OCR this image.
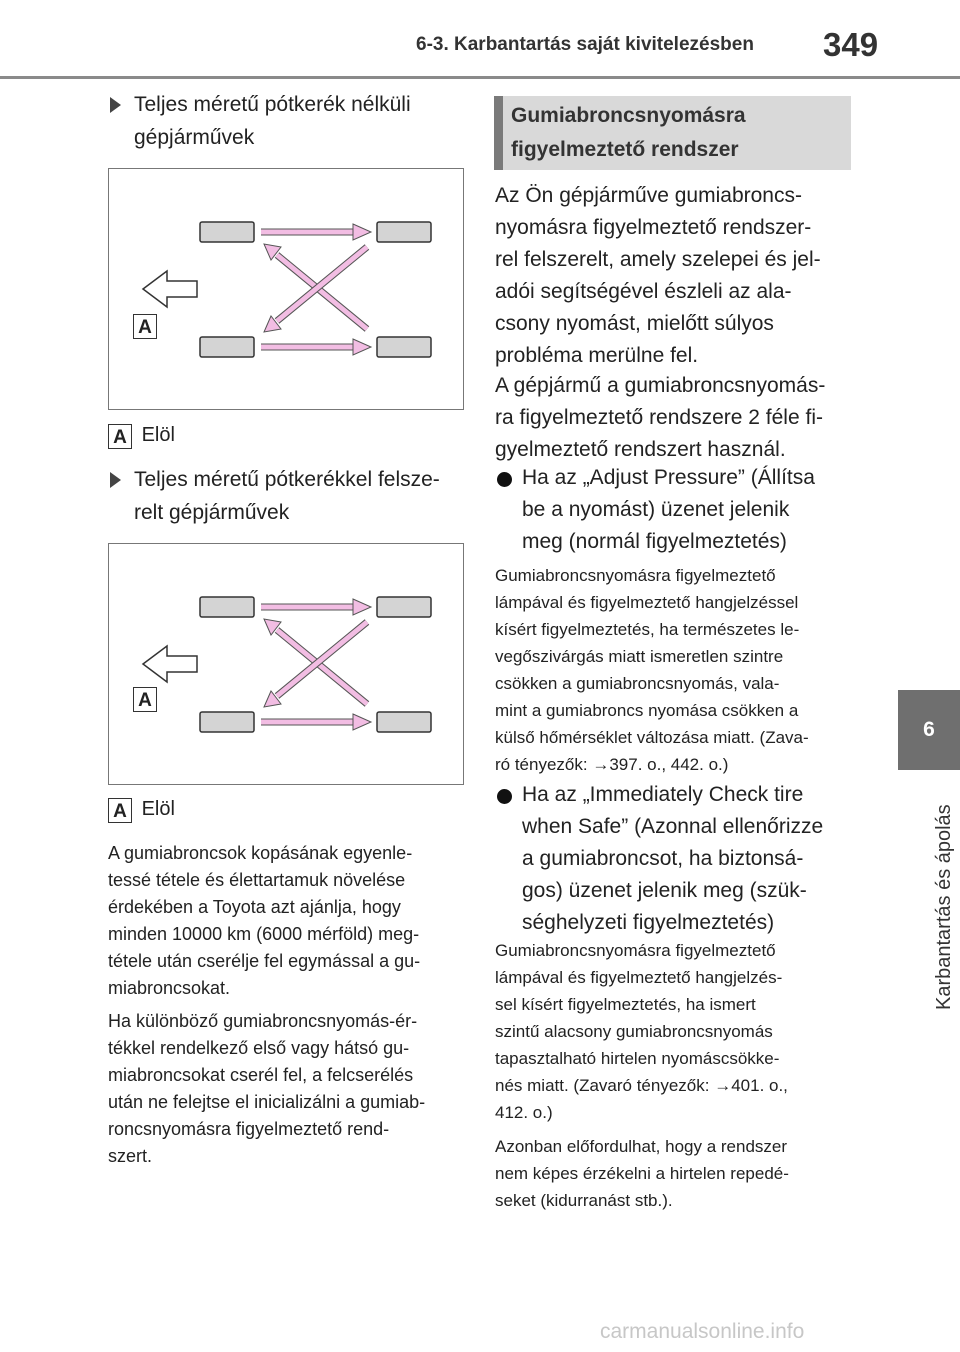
6-3. Karbantartás saját kivitelezésben 349
6
Karbantartás és ápolás
Teljes méretű pótkerék nélküli
gépjárművek
A
A Elöl
Teljes méretű pótkerékkel felsze-
relt gépjárművek
A
A Elöl

A gumiabroncsok kopásának egyenle-

tessé tétele és élettartamuk növelése

érdekében a Toyota azt ajánlja, hogy

minden 10000 km (6000 mérföld) meg-

tétele után cserélje fel egymással a gu-

miabroncsokat.

Ha különböző gumiabroncsnyomás-ér-

tékkel rendelkező első vagy hátsó gu-

miabroncsokat cserél fel, a felcserélés

után ne felejtse el inicializálni a gumiab-

roncsnyomásra figyelmeztető rend-

szert.

Gumiabroncsnyomásra
figyelmeztető rendszer

Az Ön gépjárműve gumiabroncs-

nyomásra figyelmeztető rendszer-

rel felszerelt, amely szelepei és jel-

adói segítségével észleli az ala-

csony nyomást, mielőtt súlyos

probléma merülne fel.

A gépjármű a gumiabroncsnyomás-

ra figyelmeztető rendszere 2 féle fi-

gyelmeztető rendszert használ.

Ha az „Adjust Pressure” (Állítsa
be a nyomást) üzenet jelenik
meg (normál figyelmeztetés)

Gumiabroncsnyomásra figyelmeztető

lámpával és figyelmeztető hangjelzéssel

kísért figyelmeztetés, ha természetes le-

vegőszivárgás miatt ismeretlen szintre

csökken a gumiabroncsnyomás, vala-

mint a gumiabroncs nyomása csökken a

külső hőmérséklet változása miatt. (Zava-

ró tényezők: →397. o., 442. o.)

Ha az „Immediately Check tire
when Safe” (Azonnal ellenőrizze
a gumiabroncsot, ha biztonsá-
gos) üzenet jelenik meg (szük-
séghelyzeti figyelmeztetés)

Gumiabroncsnyomásra figyelmeztető

lámpával és figyelmeztető hangjelzés-

sel kísért figyelmeztetés, ha ismert

szintű alacsony gumiabroncsnyomás

tapasztalható hirtelen nyomáscsökke-

nés miatt. (Zavaró tényezők: →401. o.,

412. o.)

Azonban előfordulhat, hogy a rendszer

nem képes érzékelni a hirtelen repedé-

seket (kidurranást stb.).

carmanualsonline.info
